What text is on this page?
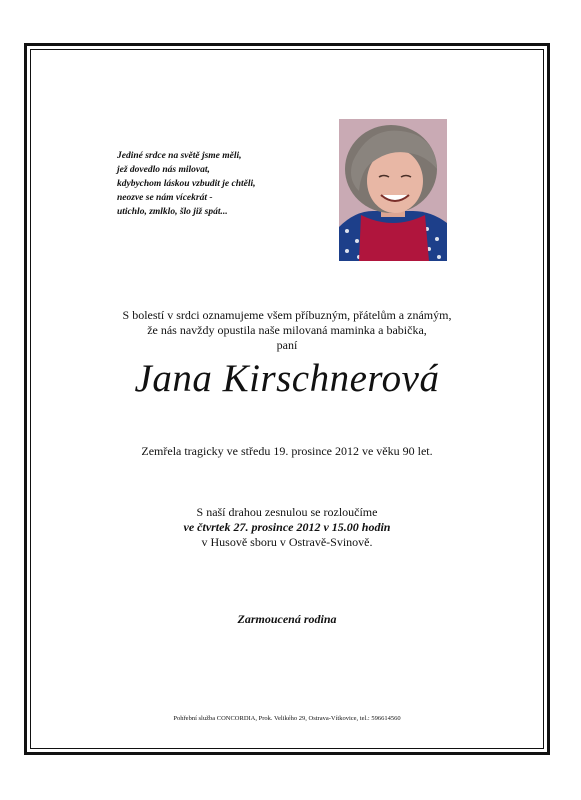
Jediné srdce na světě jsme měli,
jež dovedlo nás milovat,
kdybychom láskou vzbudit je chtěli,
neozve se nám vícekrát -
utichlo, zmlklo, šlo již spát...
S bolestí v srdci oznamujeme všem příbuzným, přátelům a známým,
že nás navždy opustila naše milovaná maminka a babička,
paní
Jana Kirschnerová
Zemřela tragicky ve středu 19. prosince 2012 ve věku 90 let.
S naší drahou zesnulou se rozloučíme
ve čtvrtek 27. prosince 2012 v 15.00 hodin
v Husově sboru v Ostravě-Svinově.
Zarmoucená rodina
Pohřební služba CONCORDIA, Prok. Velikého 29, Ostrava-Vítkovice, tel.: 596614560
